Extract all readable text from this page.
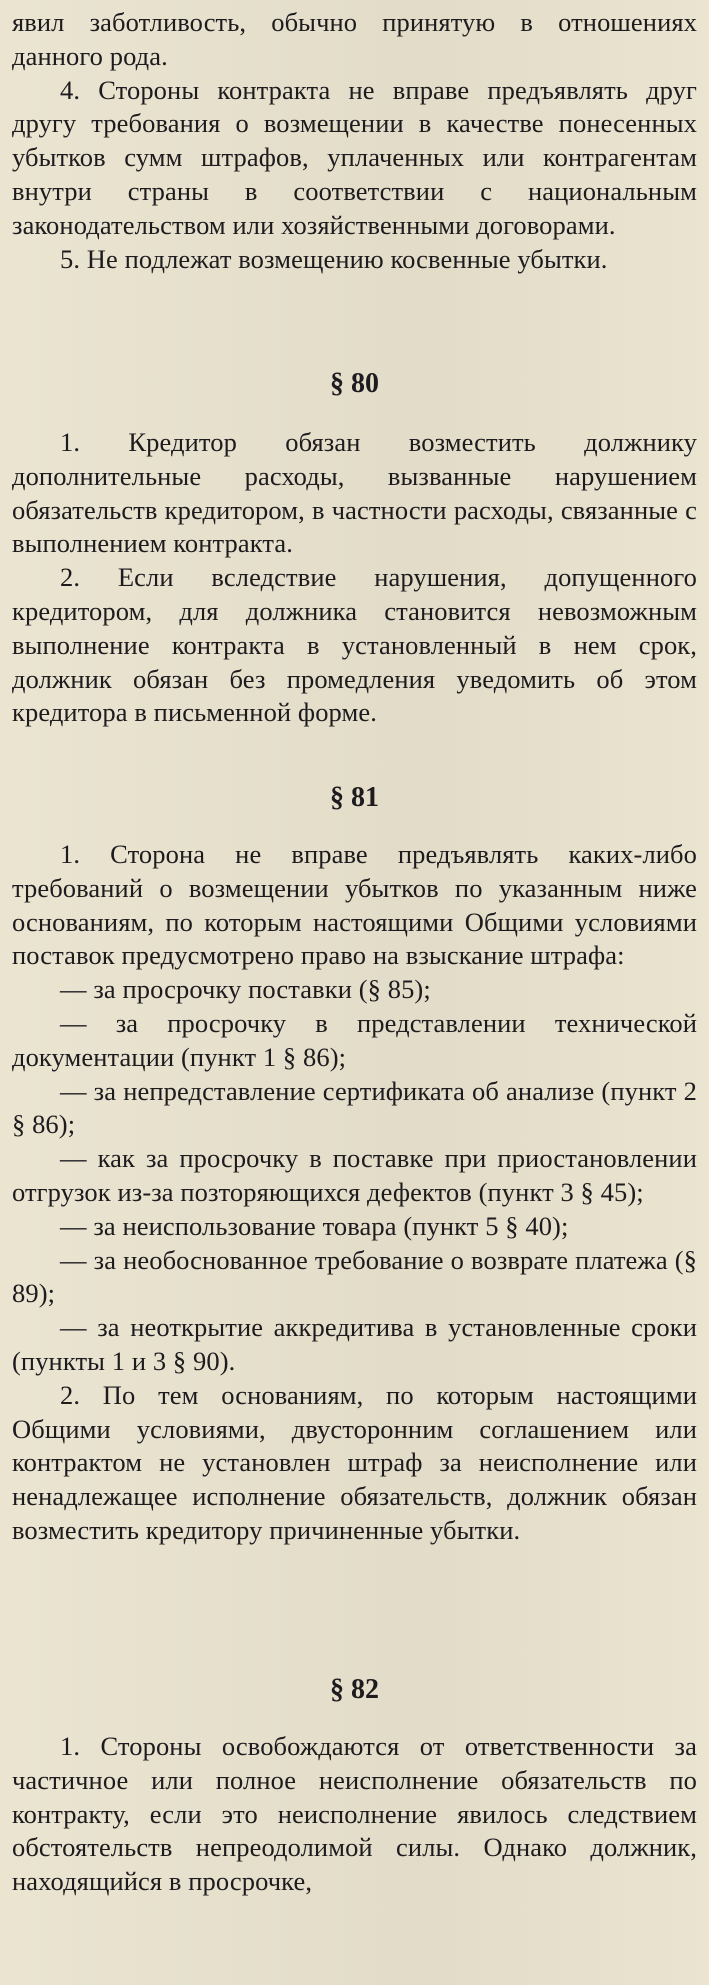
явил заботливость, обычно принятую в отношениях данного рода.

4. Стороны контракта не вправе предъявлять друг другу требования о возмещении в качестве понесенных убытков сумм штрафов, уплаченных или контрагентам внутри страны в соответствии с национальным законодательством или хозяйственными договорами.

5. Не подлежат возмещению косвенные убытки.

§ 80

1. Кредитор обязан возместить должнику дополнительные расходы, вызванные нарушением обязательств кредитором, в частности расходы, связанные с выполнением контракта.

2. Если вследствие нарушения, допущенного кредитором, для должника становится невозможным выполнение контракта в установленный в нем срок, должник обязан без промедления уведомить об этом кредитора в письменной форме.

§ 81

1. Сторона не вправе предъявлять каких-либо требований о возмещении убытков по указанным ниже основаниям, по которым настоящими Общими условиями поставок предусмотрено право на взыскание штрафа:

— за просрочку поставки (§ 85);

— за просрочку в представлении технической документации (пункт 1 § 86);

— за непредставление сертификата об анализе (пункт 2 § 86);

— как за просрочку в поставке при приостановлении отгрузок из-за позторяющихся дефектов (пункт 3 § 45);

— за неиспользование товара (пункт 5 § 40);

— за необоснованное требование о возврате платежа (§ 89);

— за неоткрытие аккредитива в установленные сроки (пункты 1 и 3 § 90).

2. По тем основаниям, по которым настоящими Общими условиями, двусторонним соглашением или контрактом не установлен штраф за неисполнение или ненадлежащее исполнение обязательств, должник обязан возместить кредитору причиненные убытки.

§ 82

1. Стороны освобождаются от ответственности за частичное или полное неисполнение обязательств по контракту, если это неисполнение явилось следствием обстоятельств непреодолимой силы. Однако должник, находящийся в просрочке,
